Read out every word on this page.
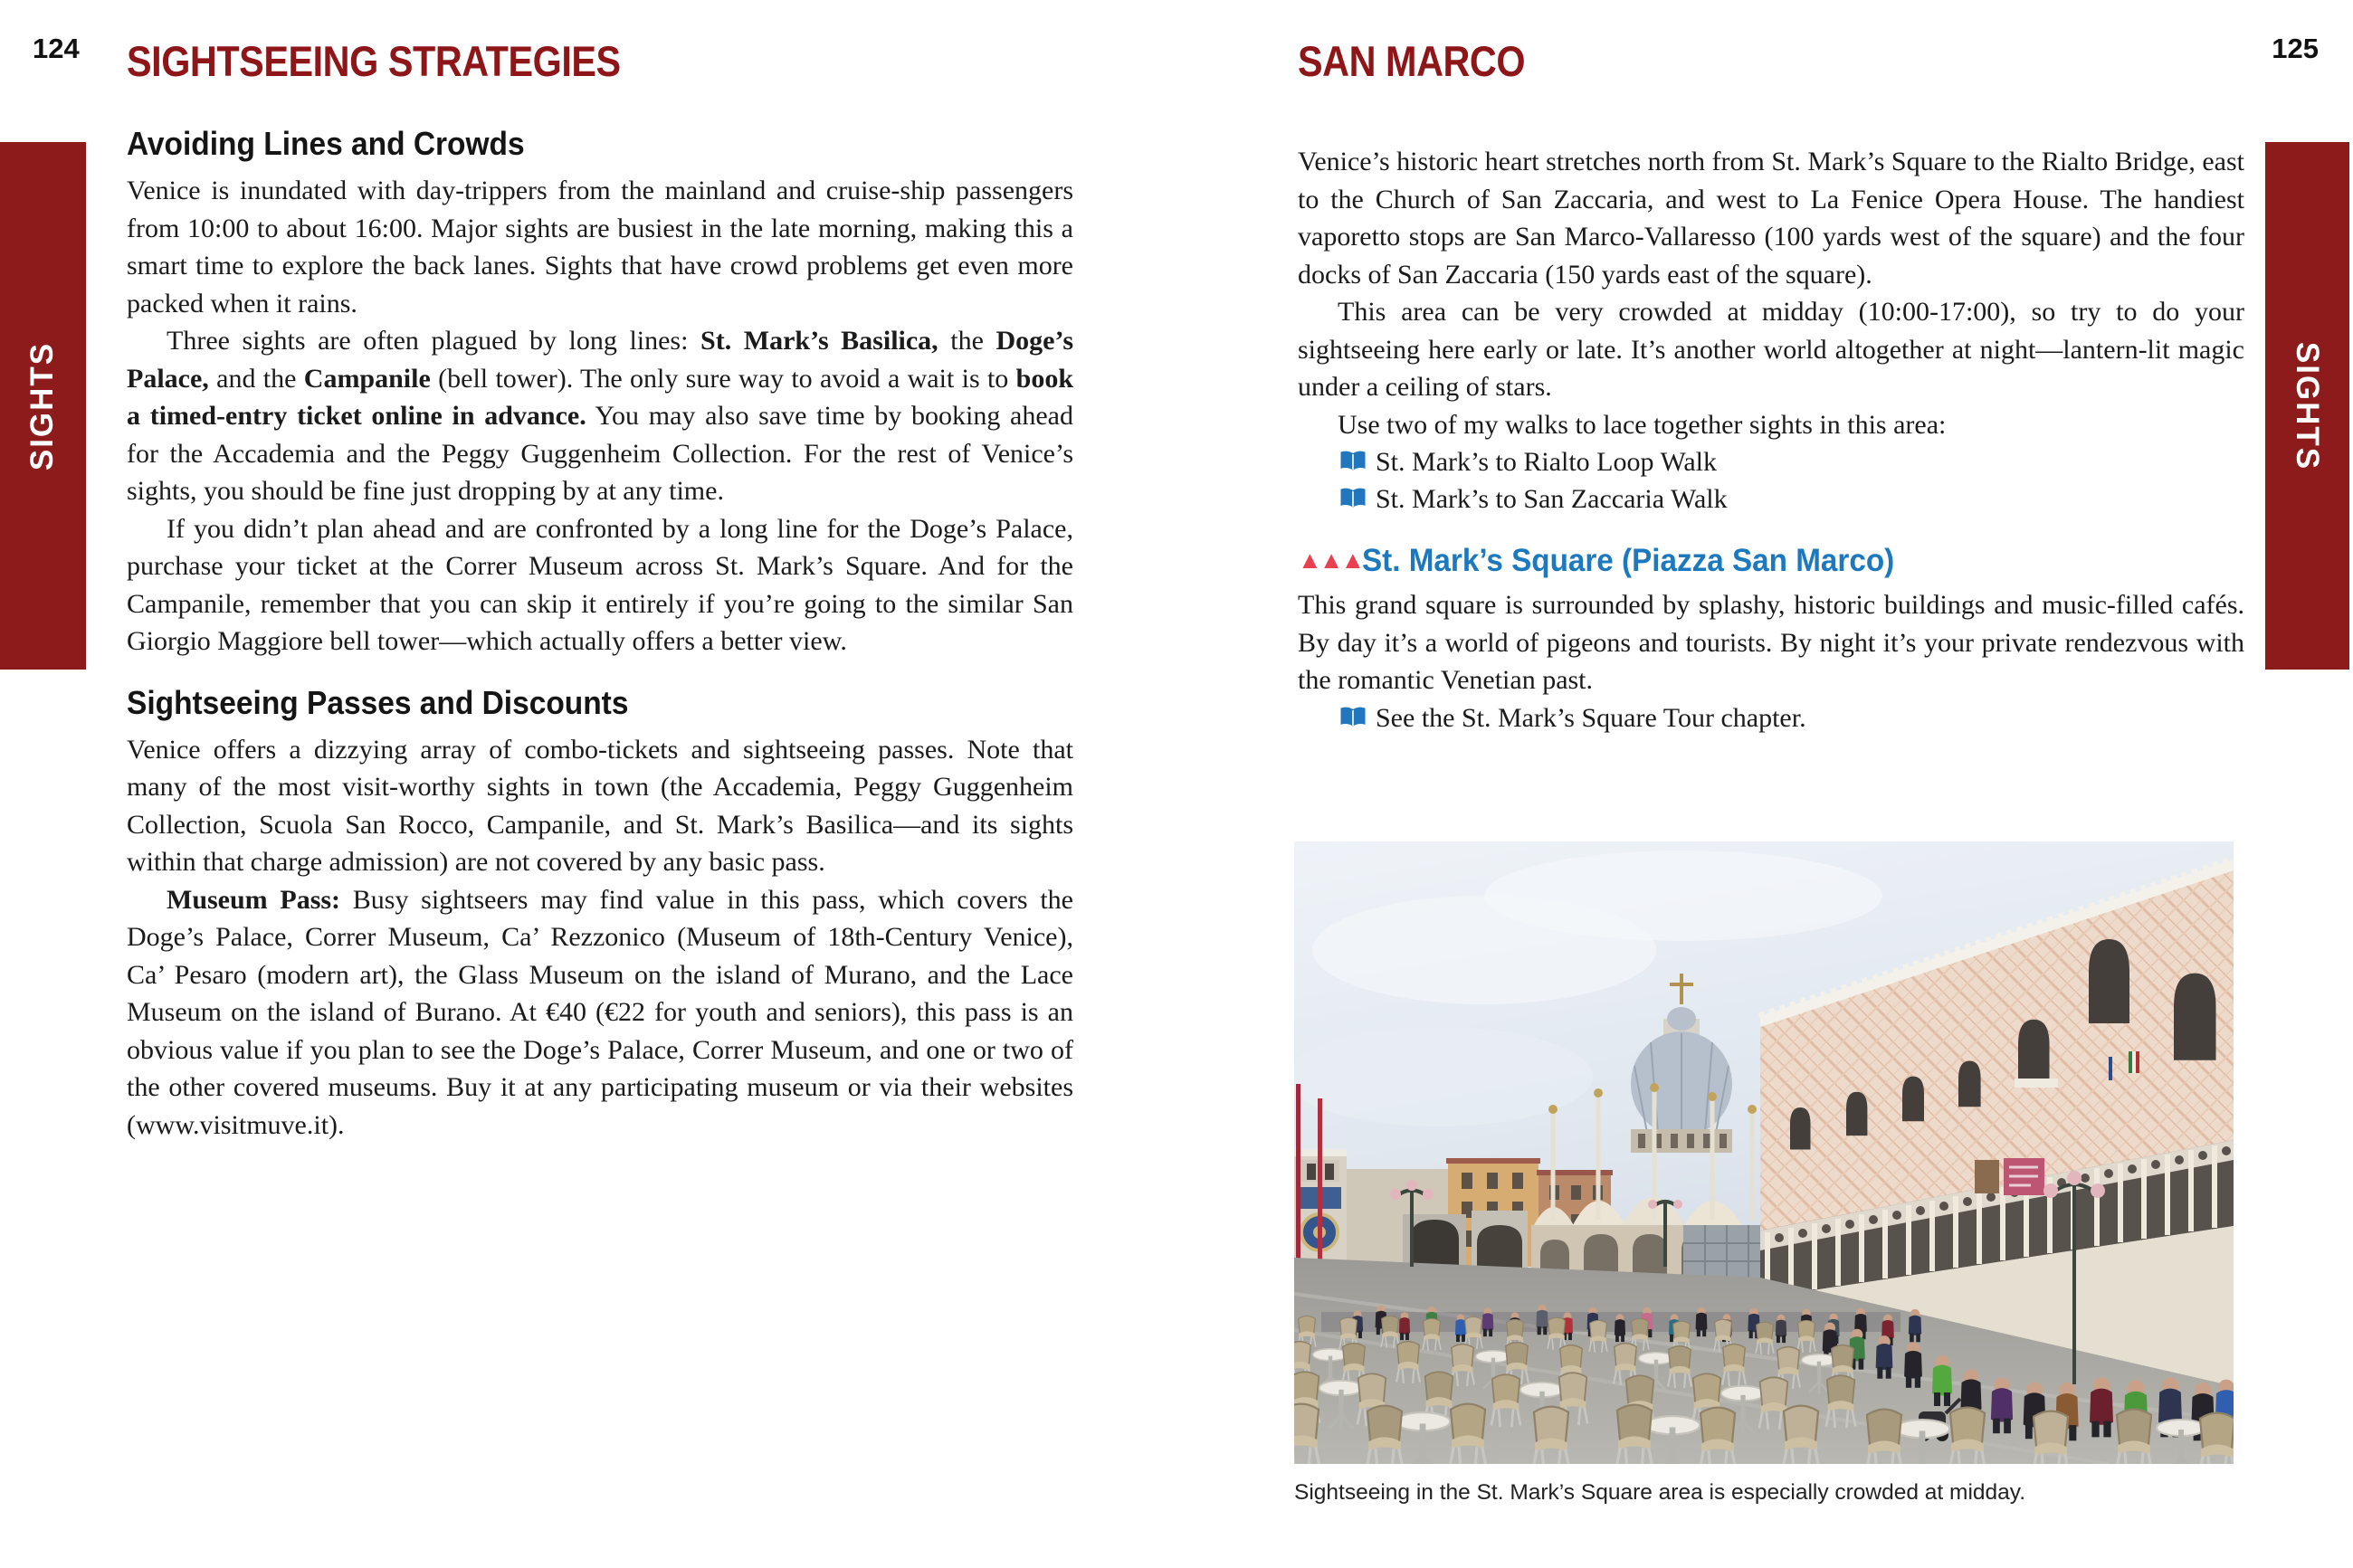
124	125
SIGHTS	SIGHTS
SIGHTSEEING STRATEGIES
Avoiding Lines and Crowds

Venice is inundated with day-trippers from the mainland and cruise-ship passengers from 10:00 to about 16:00. Major sights are busiest in the late morning, making this a smart time to explore the back lanes. Sights that have crowd problems get even more packed when it rains.

Three sights are often plagued by long lines: St. Mark’s Basilica, the Doge’s Palace, and the Campanile (bell tower). The only sure way to avoid a wait is to book a timed-entry ticket online in advance. You may also save time by booking ahead for the Accademia and the Peggy Guggenheim Collection. For the rest of Venice’s sights, you should be fine just dropping by at any time.

If you didn’t plan ahead and are confronted by a long line for the Doge’s Palace, purchase your ticket at the Correr Museum across St. Mark’s Square. And for the Campanile, remember that you can skip it entirely if you’re going to the similar San Giorgio Maggiore bell tower—which actually offers a better view.

Sightseeing Passes and Discounts

Venice offers a dizzying array of combo-tickets and sightseeing passes. Note that many of the most visit-worthy sights in town (the Accademia, Peggy Guggenheim Collection, Scuola San Rocco, Campanile, and St. Mark’s Basilica—and its sights within that charge admission) are not covered by any basic pass.

Museum Pass: Busy sightseers may find value in this pass, which covers the Doge’s Palace, Correr Museum, Ca’ Rezzonico (Museum of 18th-Century Venice), Ca’ Pesaro (modern art), the Glass Museum on the island of Murano, and the Lace Museum on the island of Burano. At €40 (€22 for youth and seniors), this pass is an obvious value if you plan to see the Doge’s Palace, Correr Museum, and one or two of the other covered museums. Buy it at any participating museum or via their websites (www.visitmuve.it).

SAN MARCO

Venice’s historic heart stretches north from St. Mark’s Square to the Rialto Bridge, east to the Church of San Zaccaria, and west to La Fenice Opera House. The handiest vaporetto stops are San Marco-Vallaresso (100 yards west of the square) and the four docks of San Zaccaria (150 yards east of the square).

This area can be very crowded at midday (10:00-17:00), so try to do your sightseeing here early or late. It’s another world altogether at night—lantern-lit magic under a ceiling of stars.

Use two of my walks to lace together sights in this area:

St. Mark’s to Rialto Loop Walk

St. Mark’s to San Zaccaria Walk

▲▲▲St. Mark’s Square (Piazza San Marco)

This grand square is surrounded by splashy, historic buildings and music-filled cafés. By day it’s a world of pigeons and tourists. By night it’s your private rendezvous with the romantic Venetian past.

See the St. Mark’s Square Tour chapter.

Sightseeing in the St. Mark’s Square area is especially crowded at midday.
